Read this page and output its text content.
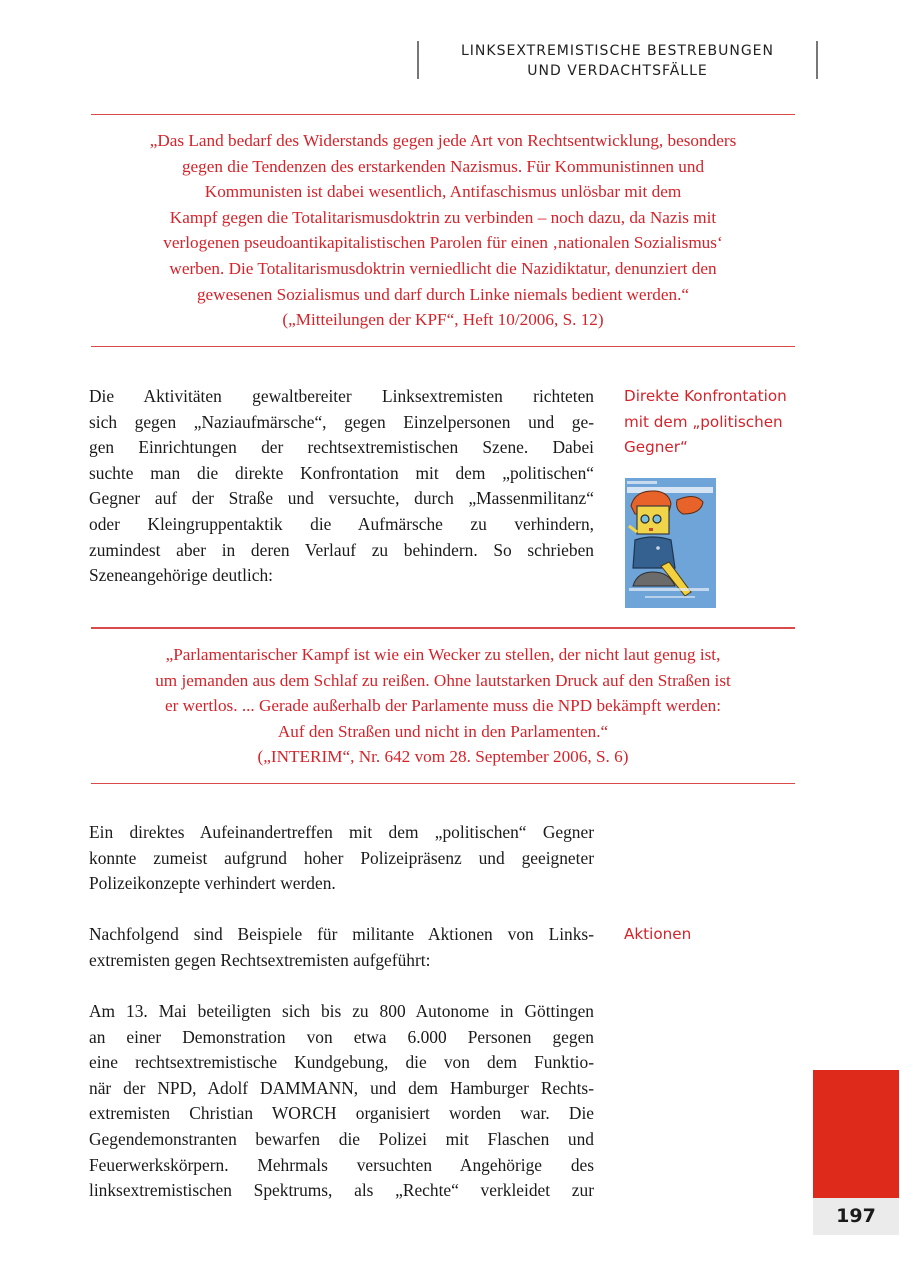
LINKSEXTREMISTISCHE BESTREBUNGEN
UND VERDACHTSFÄLLE
„Das Land bedarf des Widerstands gegen jede Art von Rechtsentwicklung, besonders
gegen die Tendenzen des erstarkenden Nazismus. Für Kommunistinnen und
Kommunisten ist dabei wesentlich, Antifaschismus unlösbar mit dem
Kampf gegen die Totalitarismusdoktrin zu verbinden – noch dazu, da Nazis mit
verlogenen pseudoantikapitalistischen Parolen für einen ‚nationalen Sozialismus‘
werben. Die Totalitarismusdoktrin verniedlicht die Nazidiktatur, denunziert den
gewesenen Sozialismus und darf durch Linke niemals bedient werden.“
(„Mitteilungen der KPF“, Heft 10/2006, S. 12)
Die Aktivitäten gewaltbereiter Linksextremisten richteten
sich gegen „Naziaufmärsche“, gegen Einzelpersonen und ge-
gen Einrichtungen der rechtsextremistischen Szene. Dabei
suchte man die direkte Konfrontation mit dem „politischen“
Gegner auf der Straße und versuchte, durch „Massenmilitanz“
oder Kleingruppentaktik die Aufmärsche zu verhindern,
zumindest aber in deren Verlauf zu behindern. So schrieben
Szeneangehörige deutlich:
Direkte Konfrontation
mit dem „politischen
Gegner“
„Parlamentarischer Kampf ist wie ein Wecker zu stellen, der nicht laut genug ist,
um jemanden aus dem Schlaf zu reißen. Ohne lautstarken Druck auf den Straßen ist
er wertlos. ... Gerade außerhalb der Parlamente muss die NPD bekämpft werden:
Auf den Straßen und nicht in den Parlamenten.“
(„INTERIM“, Nr. 642 vom 28. September 2006, S. 6)
Ein direktes Aufeinandertreffen mit dem „politischen“ Gegner
konnte zumeist aufgrund hoher Polizeipräsenz und geeigneter
Polizeikonzepte verhindert werden.
Nachfolgend sind Beispiele für militante Aktionen von Links-
extremisten gegen Rechtsextremisten aufgeführt:
Aktionen
Am 13. Mai beteiligten sich bis zu 800 Autonome in Göttingen
an einer Demonstration von etwa 6.000 Personen gegen
eine rechtsextremistische Kundgebung, die von dem Funktio-
när der NPD, Adolf DAMMANN, und dem Hamburger Rechts-
extremisten Christian WORCH organisiert worden war. Die
Gegendemonstranten bewarfen die Polizei mit Flaschen und
Feuerwerkskörpern. Mehrmals versuchten Angehörige des
linksextremistischen Spektrums, als „Rechte“ verkleidet zur
197
